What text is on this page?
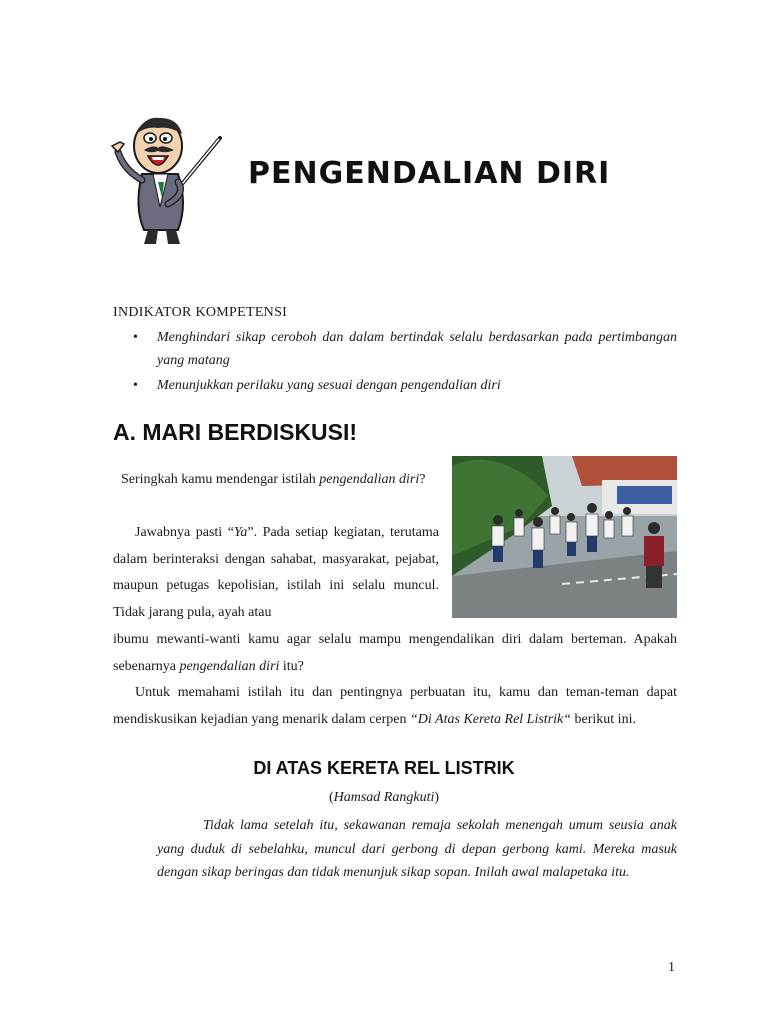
PENGENDALIAN DIRI
INDIKATOR KOMPETENSI
• Menghindari sikap ceroboh dan dalam bertindak selalu berdasarkan pada pertimbangan yang matang
• Menunjukkan perilaku yang sesuai dengan pengendalian diri
A. MARI BERDISKUSI!
Seringkah kamu mendengar istilah pengendalian diri?
Jawabnya pasti “Ya”. Pada setiap kegiatan, terutama dalam berinteraksi dengan sahabat, masyarakat, pejabat, maupun petugas kepolisian, istilah ini selalu muncul. Tidak jarang pula, ayah atau
ibumu mewanti-wanti kamu agar selalu mampu mengendalikan diri dalam berteman. Apakah sebenarnya pengendalian diri itu?
Untuk memahami istilah itu dan pentingnya perbuatan itu, kamu dan teman-teman dapat mendiskusikan kejadian yang menarik dalam cerpen “Di Atas Kereta Rel Listrik“ berikut ini.
DI ATAS KERETA REL LISTRIK
(Hamsad Rangkuti)
Tidak lama setelah itu, sekawanan remaja sekolah menengah umum seusia anak yang duduk di sebelahku, muncul dari gerbong di depan gerbong kami. Mereka masuk dengan sikap beringas dan tidak menunjuk sikap sopan. Inilah awal malapetaka itu.
1
